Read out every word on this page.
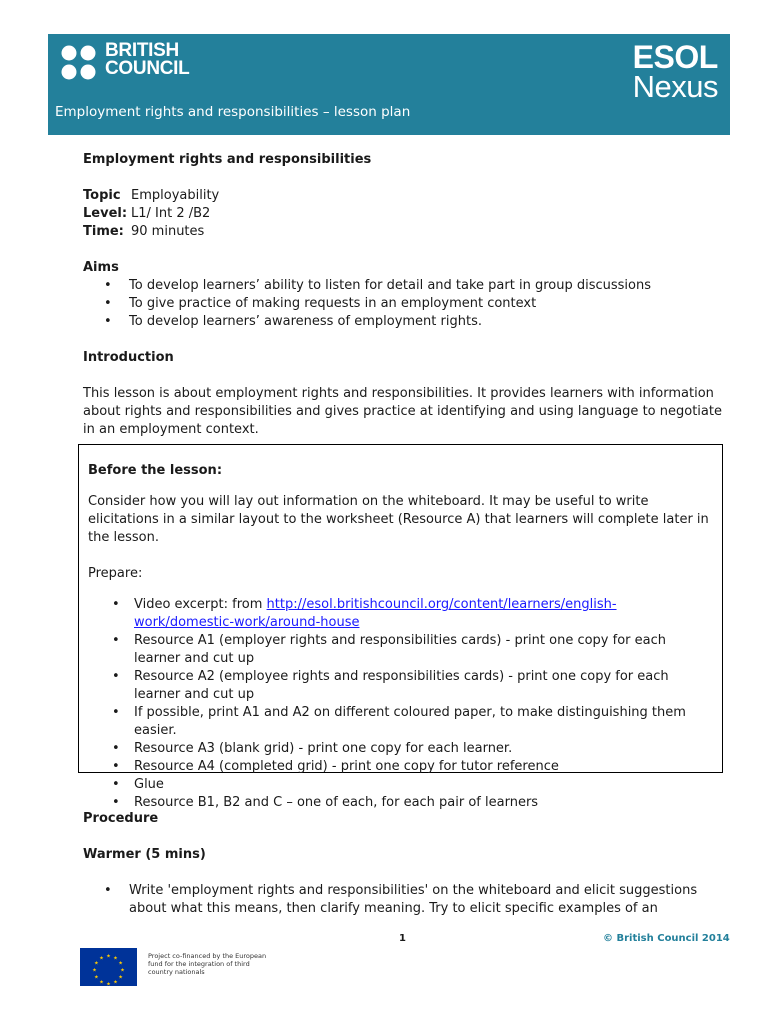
BRITISH
COUNCIL	ESOL
Nexus
Employment rights and responsibilities – lesson plan

Employment rights and responsibilities

Topic Employability
Level: L1/ Int 2 /B2
Time: 90 minutes

Aims

• To develop learners’ ability to listen for detail and take part in group discussions
• To give practice of making requests in an employment context
• To develop learners’ awareness of employment rights.

Introduction

This lesson is about employment rights and responsibilities. It provides learners with information about rights and responsibilities and gives practice at identifying and using language to negotiate in an employment context.

Before the lesson:

Consider how you will lay out information on the whiteboard. It may be useful to write elicitations in a similar layout to the worksheet (Resource A) that learners will complete later in the lesson.

Prepare:

• Video excerpt: from http://esol.britishcouncil.org/content/learners/english-work/domestic-work/around-house
• Resource A1 (employer rights and responsibilities cards) - print one copy for each learner and cut up
• Resource A2 (employee rights and responsibilities cards) - print one copy for each learner and cut up
• If possible, print A1 and A2 on different coloured paper, to make distinguishing them easier.
• Resource A3 (blank grid) - print one copy for each learner.
• Resource A4 (completed grid) - print one copy for tutor reference
• Glue
• Resource B1, B2 and C – one of each, for each pair of learners

Procedure

Warmer (5 mins)

• Write 'employment rights and responsibilities' on the whiteboard and elicit suggestions about what this means, then clarify meaning. Try to elicit specific examples of an
1	© British Council 2014
★ ★
★
★
★
★
★
★
★
★
★
★	Project co-financed by the European fund for the integration of third country nationals
